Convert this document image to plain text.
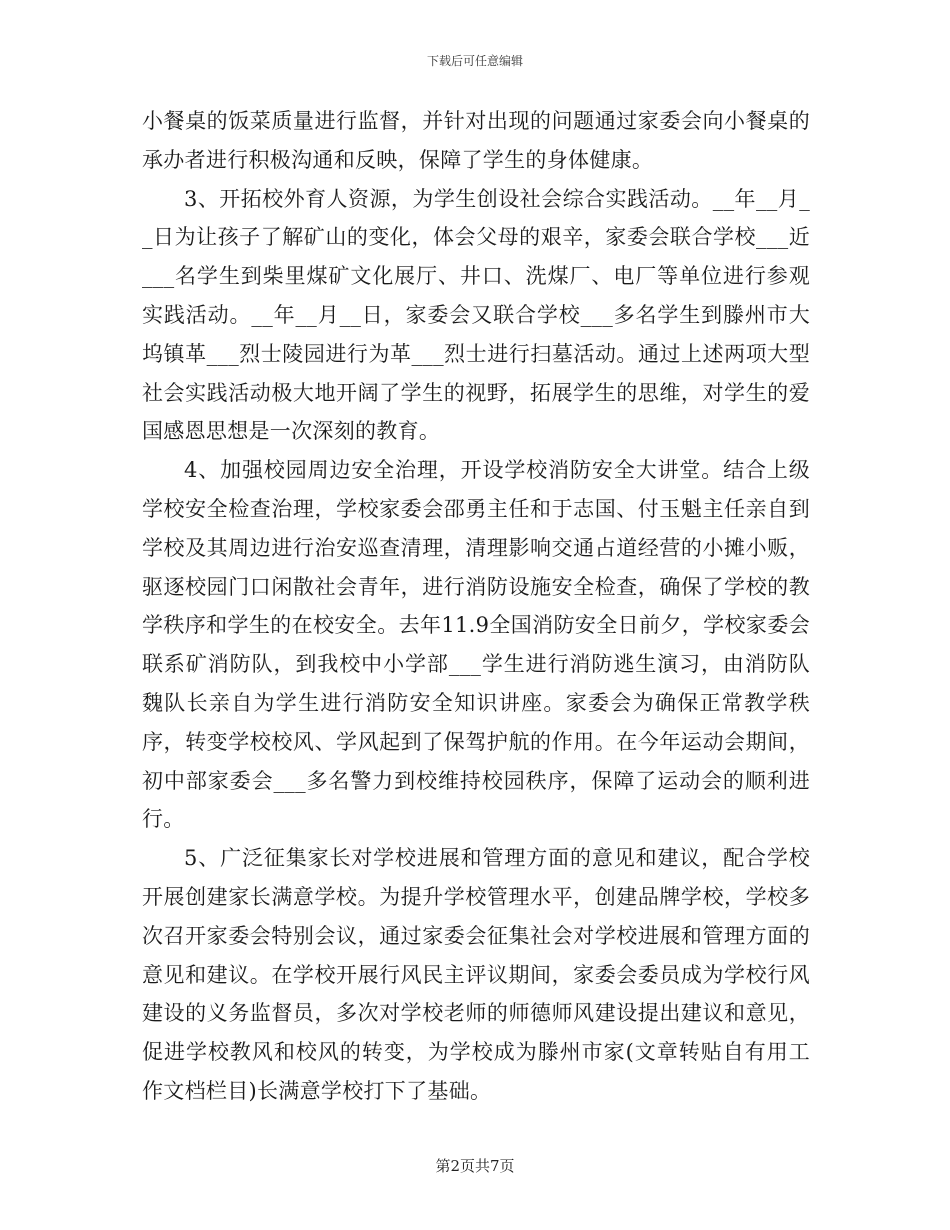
下载后可任意编辑

小餐桌的饭菜质量进行监督，并针对出现的问题通过家委会向小餐桌的承办者进行积极沟通和反映，保障了学生的身体健康。

3、开拓校外育人资源，为学生创设社会综合实践活动。__年__月__日为让孩子了解矿山的变化，体会父母的艰辛，家委会联合学校___近___名学生到柴里煤矿文化展厅、井口、洗煤厂、电厂等单位进行参观实践活动。__年__月__日，家委会又联合学校___多名学生到滕州市大坞镇革___烈士陵园进行为革___烈士进行扫墓活动。通过上述两项大型社会实践活动极大地开阔了学生的视野，拓展学生的思维，对学生的爱国感恩思想是一次深刻的教育。

4、加强校园周边安全治理，开设学校消防安全大讲堂。结合上级学校安全检查治理，学校家委会邵勇主任和于志国、付玉魁主任亲自到学校及其周边进行治安巡查清理，清理影响交通占道经营的小摊小贩，驱逐校园门口闲散社会青年，进行消防设施安全检查，确保了学校的教学秩序和学生的在校安全。去年11.9全国消防安全日前夕，学校家委会联系矿消防队，到我校中小学部___学生进行消防逃生演习，由消防队魏队长亲自为学生进行消防安全知识讲座。家委会为确保正常教学秩序，转变学校校风、学风起到了保驾护航的作用。在今年运动会期间，初中部家委会___多名警力到校维持校园秩序，保障了运动会的顺利进行。

5、广泛征集家长对学校进展和管理方面的意见和建议，配合学校开展创建家长满意学校。为提升学校管理水平，创建品牌学校，学校多次召开家委会特别会议，通过家委会征集社会对学校进展和管理方面的意见和建议。在学校开展行风民主评议期间，家委会委员成为学校行风建设的义务监督员，多次对学校老师的师德师风建设提出建议和意见，促进学校教风和校风的转变，为学校成为滕州市家(文章转贴自有用工作文档栏目)长满意学校打下了基础。

第2页共7页
